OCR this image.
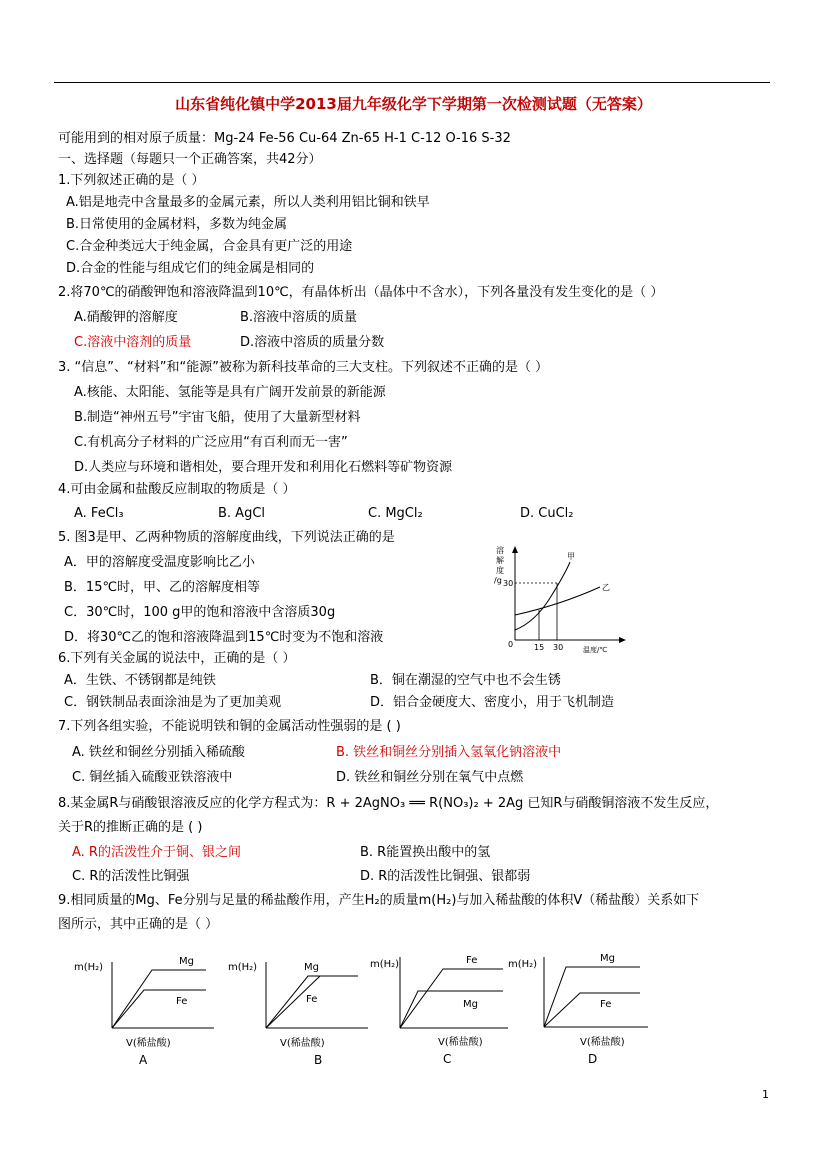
山东省纯化镇中学2013届九年级化学下学期第一次检测试题（无答案）
可能用到的相对原子质量：Mg-24 Fe-56 Cu-64 Zn-65 H-1 C-12 O-16 S-32
一、选择题（每题只一个正确答案，共42分）
1.下列叙述正确的是（ ）
A.铝是地壳中含量最多的金属元素，所以人类利用铝比铜和铁早
B.日常使用的金属材料，多数为纯金属
C.合金种类远大于纯金属，合金具有更广泛的用途
D.合金的性能与组成它们的纯金属是相同的
2.将70℃的硝酸钾饱和溶液降温到10℃，有晶体析出（晶体中不含水），下列各量没有发生变化的是（ ）
A.硝酸钾的溶解度	B.溶液中溶质的质量
C.溶液中溶剂的质量	D.溶液中溶质的质量分数
3. “信息”、“材料”和“能源”被称为新科技革命的三大支柱。下列叙述不正确的是（ ）
A.核能、太阳能、氢能等是具有广阔开发前景的新能源
B.制造“神州五号”宇宙飞船，使用了大量新型材料
C.有机高分子材料的广泛应用“有百利而无一害”
D.人类应与环境和谐相处，要合理开发和利用化石燃料等矿物资源
4.可由金属和盐酸反应制取的物质是（ ）
A. FeCl₃	B. AgCl	C. MgCl₂	D. CuCl₂
5. 图3是甲、乙两种物质的溶解度曲线，下列说法正确的是
A．甲的溶解度受温度影响比乙小
B．15℃时，甲、乙的溶解度相等
C．30℃时，100 g甲的饱和溶液中含溶质30g
D．将30℃乙的饱和溶液降温到15℃时变为不饱和溶液
溶
解
度
/g 30
0	15 30	温度/℃
甲
乙
6.下列有关金属的说法中，正确的是（ ）
A．生铁、不锈钢都是纯铁	B．铜在潮湿的空气中也不会生锈
C．钢铁制品表面涂油是为了更加美观	D．铝合金硬度大、密度小，用于飞机制造
7.下列各组实验，不能说明铁和铜的金属活动性强弱的是 ( )
A. 铁丝和铜丝分别插入稀硫酸	B. 铁丝和铜丝分别插入氢氧化钠溶液中
C. 铜丝插入硫酸亚铁溶液中	D. 铁丝和铜丝分别在氧气中点燃
8.某金属R与硝酸银溶液反应的化学方程式为：R + 2AgNO₃ ══ R(NO₃)₂ + 2Ag 已知R与硝酸铜溶液不发生反应，
关于R的推断正确的是 ( )
A. R的活泼性介于铜、银之间	B. R能置换出酸中的氢
C. R的活泼性比铜强	D. R的活泼性比铜强、银都弱
9.相同质量的Mg、Fe分别与足量的稀盐酸作用，产生H₂的质量m(H₂)与加入稀盐酸的体积V（稀盐酸）关系如下
图所示，其中正确的是（ ）
m(H₂)
Mg
Fe
V(稀盐酸)
A
m(H₂)	Mg
Fe
V(稀盐酸)
B
m(H₂)	Fe
Mg
V(稀盐酸)
C
m(H₂)
Mg
Fe
V(稀盐酸)
D
1
